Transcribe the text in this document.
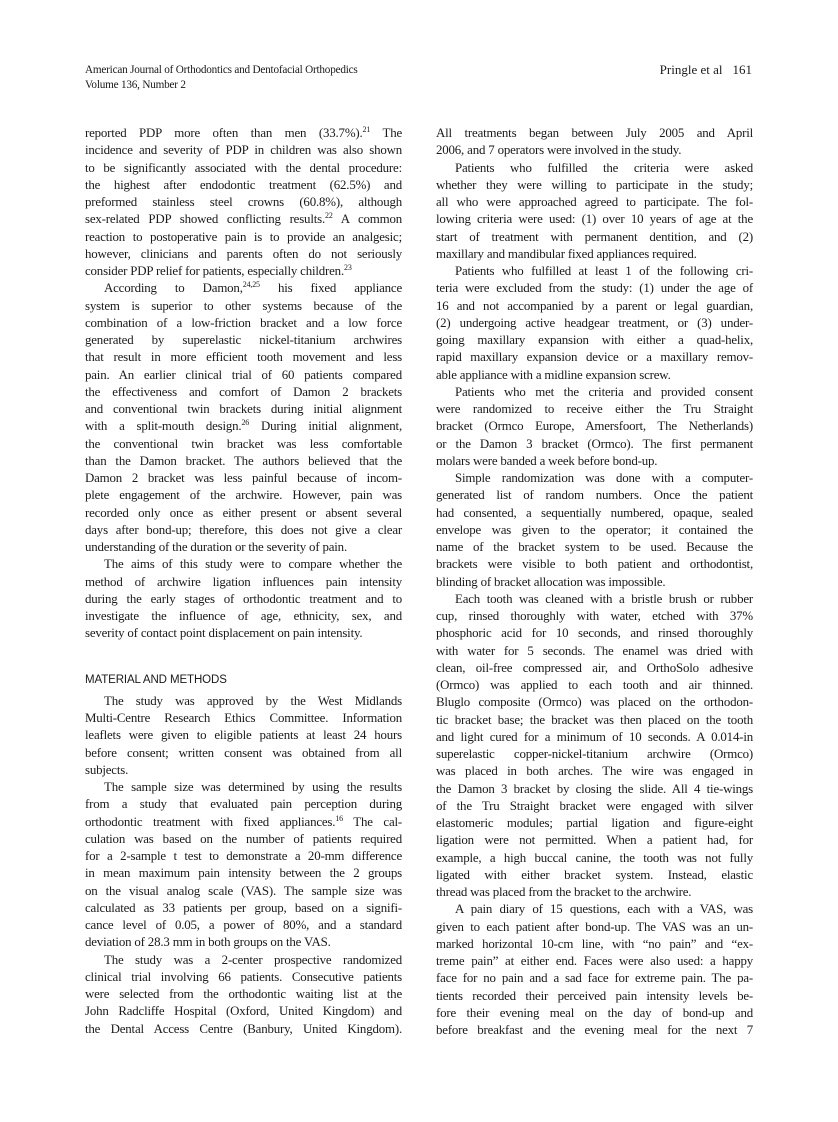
American Journal of Orthodontics and Dentofacial Orthopedics
Volume 136, Number 2
Pringle et al 161
reported PDP more often than men (33.7%).$^{21}$ The
incidence and severity of PDP in children was also shown
to be significantly associated with the dental procedure:
the highest after endodontic treatment (62.5%) and
preformed stainless steel crowns (60.8%), although
sex-related PDP showed conflicting results.$^{22}$ A common
reaction to postoperative pain is to provide an analgesic;
however, clinicians and parents often do not seriously
consider PDP relief for patients, especially children.$^{23}$
According to Damon,$^{24,25}$ his fixed appliance
system is superior to other systems because of the
combination of a low-friction bracket and a low force
generated by superelastic nickel-titanium archwires
that result in more efficient tooth movement and less
pain. An earlier clinical trial of 60 patients compared
the effectiveness and comfort of Damon 2 brackets
and conventional twin brackets during initial alignment
with a split-mouth design.$^{26}$ During initial alignment,
the conventional twin bracket was less comfortable
than the Damon bracket. The authors believed that the
Damon 2 bracket was less painful because of incom-
plete engagement of the archwire. However, pain was
recorded only once as either present or absent several
days after bond-up; therefore, this does not give a clear
understanding of the duration or the severity of pain.
The aims of this study were to compare whether the
method of archwire ligation influences pain intensity
during the early stages of orthodontic treatment and to
investigate the influence of age, ethnicity, sex, and
severity of contact point displacement on pain intensity.
MATERIAL AND METHODS
The study was approved by the West Midlands
Multi-Centre Research Ethics Committee. Information
leaflets were given to eligible patients at least 24 hours
before consent; written consent was obtained from all
subjects.
The sample size was determined by using the results
from a study that evaluated pain perception during
orthodontic treatment with fixed appliances.$^{16}$ The cal-
culation was based on the number of patients required
for a 2-sample t test to demonstrate a 20-mm difference
in mean maximum pain intensity between the 2 groups
on the visual analog scale (VAS). The sample size was
calculated as 33 patients per group, based on a signifi-
cance level of 0.05, a power of 80%, and a standard
deviation of 28.3 mm in both groups on the VAS.
The study was a 2-center prospective randomized
clinical trial involving 66 patients. Consecutive patients
were selected from the orthodontic waiting list at the
John Radcliffe Hospital (Oxford, United Kingdom) and
the Dental Access Centre (Banbury, United Kingdom).
All treatments began between July 2005 and April
2006, and 7 operators were involved in the study.
Patients who fulfilled the criteria were asked
whether they were willing to participate in the study;
all who were approached agreed to participate. The fol-
lowing criteria were used: (1) over 10 years of age at the
start of treatment with permanent dentition, and (2)
maxillary and mandibular fixed appliances required.
Patients who fulfilled at least 1 of the following cri-
teria were excluded from the study: (1) under the age of
16 and not accompanied by a parent or legal guardian,
(2) undergoing active headgear treatment, or (3) under-
going maxillary expansion with either a quad-helix,
rapid maxillary expansion device or a maxillary remov-
able appliance with a midline expansion screw.
Patients who met the criteria and provided consent
were randomized to receive either the Tru Straight
bracket (Ormco Europe, Amersfoort, The Netherlands)
or the Damon 3 bracket (Ormco). The first permanent
molars were banded a week before bond-up.
Simple randomization was done with a computer-
generated list of random numbers. Once the patient
had consented, a sequentially numbered, opaque, sealed
envelope was given to the operator; it contained the
name of the bracket system to be used. Because the
brackets were visible to both patient and orthodontist,
blinding of bracket allocation was impossible.
Each tooth was cleaned with a bristle brush or rubber
cup, rinsed thoroughly with water, etched with 37%
phosphoric acid for 10 seconds, and rinsed thoroughly
with water for 5 seconds. The enamel was dried with
clean, oil-free compressed air, and OrthoSolo adhesive
(Ormco) was applied to each tooth and air thinned.
Bluglo composite (Ormco) was placed on the orthodon-
tic bracket base; the bracket was then placed on the tooth
and light cured for a minimum of 10 seconds. A 0.014-in
superelastic copper-nickel-titanium archwire (Ormco)
was placed in both arches. The wire was engaged in
the Damon 3 bracket by closing the slide. All 4 tie-wings
of the Tru Straight bracket were engaged with silver
elastomeric modules; partial ligation and figure-eight
ligation were not permitted. When a patient had, for
example, a high buccal canine, the tooth was not fully
ligated with either bracket system. Instead, elastic
thread was placed from the bracket to the archwire.
A pain diary of 15 questions, each with a VAS, was
given to each patient after bond-up. The VAS was an un-
marked horizontal 10-cm line, with “no pain” and “ex-
treme pain” at either end. Faces were also used: a happy
face for no pain and a sad face for extreme pain. The pa-
tients recorded their perceived pain intensity levels be-
fore their evening meal on the day of bond-up and
before breakfast and the evening meal for the next 7
